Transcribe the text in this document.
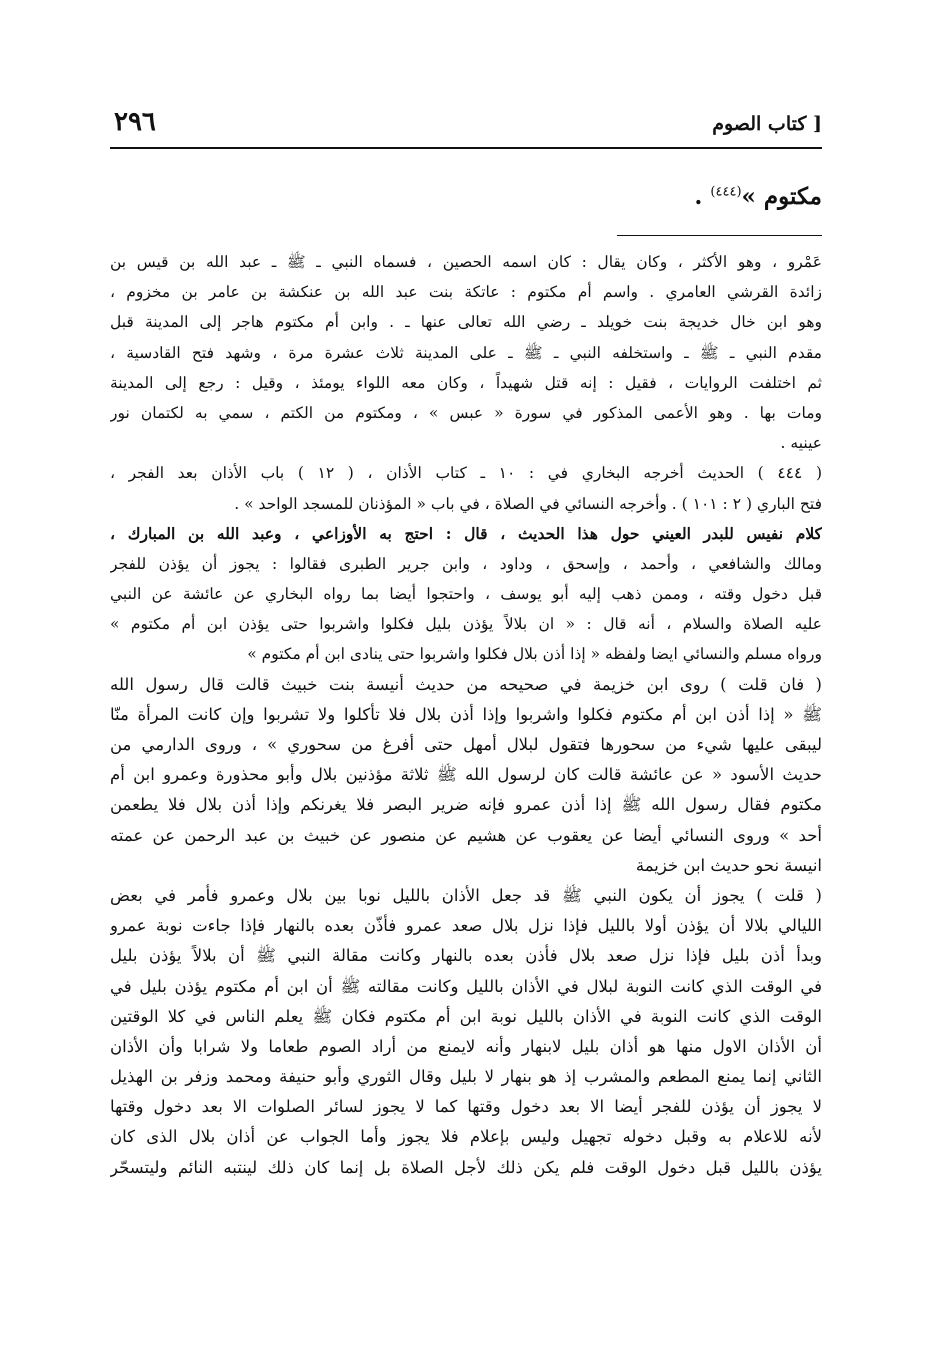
[ كتاب الصوم
٢٩٦
مكتوم »$^{(٤٤٤)}$ .
عَمْرو ، وهو الأكثر ، وكان يقال : كان اسمه الحصين ، فسماه النبي ـ ﷺ ـ عبد الله بن قيس بن
زائدة القرشي العامري . واسم أم مكتوم : عاتكة بنت عبد الله بن عنكشة بن عامر بن مخزوم ،
وهو ابن خال خديجة بنت خويلد ـ رضي الله تعالى عنها ـ . وابن أم مكتوم هاجر إلى المدينة قبل
مقدم النبي ـ ﷺ ـ واستخلفه النبي ـ ﷺ ـ على المدينة ثلاث عشرة مرة ، وشهد فتح القادسية ،
ثم اختلفت الروايات ، فقيل : إنه قتل شهيداً ، وكان معه اللواء يومئذ ، وقيل : رجع إلى المدينة
ومات بها . وهو الأعمى المذكور في سورة « عبس » ، ومكتوم من الكتم ، سمي به لكتمان نور
عينيه .
( ٤٤٤ ) الحديث أخرجه البخاري في : ١٠ ـ كتاب الأذان ، ( ١٢ ) باب الأذان بعد الفجر ،
فتح الباري ( ٢ : ١٠١ ) . وأخرجه النسائي في الصلاة ، في باب « المؤذنان للمسجد الواحد » .
كلام نفيس للبدر العيني حول هذا الحديث ، قال : احتج به الأوزاعي ، وعبد الله بن المبارك ،
ومالك والشافعي ، وأحمد ، وإسحق ، وداود ، وابن جرير الطبرى فقالوا : يجوز أن يؤذن للفجر
قبل دخول وقته ، وممن ذهب إليه أبو يوسف ، واحتجوا أيضا بما رواه البخاري عن عائشة عن النبي
عليه الصلاة والسلام ، أنه قال : « ان بلالاً يؤذن بليل فكلوا واشربوا حتى يؤذن ابن أم مكتوم »
ورواه مسلم والنسائي ايضا ولفظه « إذا أذن بلال فكلوا واشربوا حتى ينادى ابن أم مكتوم »
( فان قلت ) روى ابن خزيمة في صحيحه من حديث أنيسة بنت خبيث قالت قال رسول الله
ﷺ « إذا أذن ابن أم مكتوم فكلوا واشربوا وإذا أذن بلال فلا تأكلوا ولا تشربوا وإن كانت المرأة منّا
ليبقى عليها شيء من سحورها فتقول لبلال أمهل حتى أفرغ من سحوري » ، وروى الدارمي من
حديث الأسود « عن عائشة قالت كان لرسول الله ﷺ ثلاثة مؤذنين بلال وأبو محذورة وعمرو ابن أم
مكتوم فقال رسول الله ﷺ إذا أذن عمرو فإنه ضرير البصر فلا يغرنكم وإذا أذن بلال فلا يطعمن
أحد » وروى النسائي أيضا عن يعقوب عن هشيم عن منصور عن خبيث بن عبد الرحمن عن عمته
انيسة نحو حديث ابن خزيمة
( قلت ) يجوز أن يكون النبي ﷺ قد جعل الأذان بالليل نوبا بين بلال وعمرو فأمر في بعض
الليالي بلالا أن يؤذن أولا بالليل فإذا نزل بلال صعد عمرو فأذّن بعده بالنهار فإذا جاءت نوبة عمرو
وبدأ أذن بليل فإذا نزل صعد بلال فأذن بعده بالنهار وكانت مقالة النبي ﷺ أن بلالاً يؤذن بليل
في الوقت الذي كانت النوبة لبلال في الأذان بالليل وكانت مقالته ﷺ أن ابن أم مكتوم يؤذن بليل في
الوقت الذي كانت النوبة في الأذان بالليل نوبة ابن أم مكتوم فكان ﷺ يعلم الناس في كلا الوقتين
أن الأذان الاول منها هو أذان بليل لابنهار وأنه لايمنع من أراد الصوم طعاما ولا شرابا وأن الأذان
الثاني إنما يمنع المطعم والمشرب إذ هو بنهار لا بليل وقال الثوري وأبو حنيفة ومحمد وزفر بن الهذيل
لا يجوز أن يؤذن للفجر أيضا الا بعد دخول وقتها كما لا يجوز لسائر الصلوات الا بعد دخول وقتها
لأنه للاعلام به وقبل دخوله تجهيل وليس بإعلام فلا يجوز وأما الجواب عن أذان بلال الذى كان
يؤذن بالليل قبل دخول الوقت فلم يكن ذلك لأجل الصلاة بل إنما كان ذلك لينتبه النائم وليتسحّر
